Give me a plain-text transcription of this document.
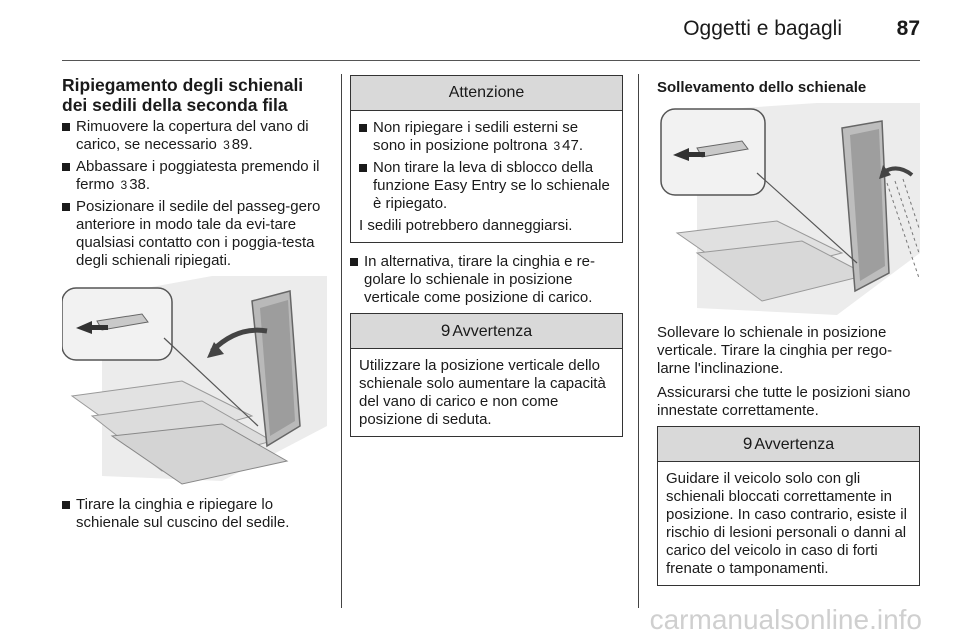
Oggetti e bagagli	87
Ripiegamento degli schienali dei sedili della seconda fila
Rimuovere la copertura del vano di carico, se necessario 3 89.
Abbassare i poggiatesta premendo il fermo 3 38.
Posizionare il sedile del passeg-gero anteriore in modo tale da evi-tare qualsiasi contatto con i poggia-testa degli schienali ripiegati.
Tirare la cinghia e ripiegare lo schienale sul cuscino del sedile.
Attenzione
Non ripiegare i sedili esterni se sono in posizione poltrona 3 47.
Non tirare la leva di sblocco della funzione Easy Entry se lo schienale è ripiegato.
I sedili potrebbero danneggiarsi.
In alternativa, tirare la cinghia e re-golare lo schienale in posizione verticale come posizione di carico.
9 Avvertenza
Utilizzare la posizione verticale dello schienale solo aumentare la capacità del vano di carico e non come posizione di seduta.
Sollevamento dello schienale

Sollevare lo schienale in posizione verticale. Tirare la cinghia per rego-larne l'inclinazione.

Assicurarsi che tutte le posizioni siano innestate correttamente.

9 Avvertenza
Guidare il veicolo solo con gli schienali bloccati correttamente in posizione. In caso contrario, esiste il rischio di lesioni personali o danni al carico del veicolo in caso di forti frenate o tamponamenti.
carmanualsonline.info
